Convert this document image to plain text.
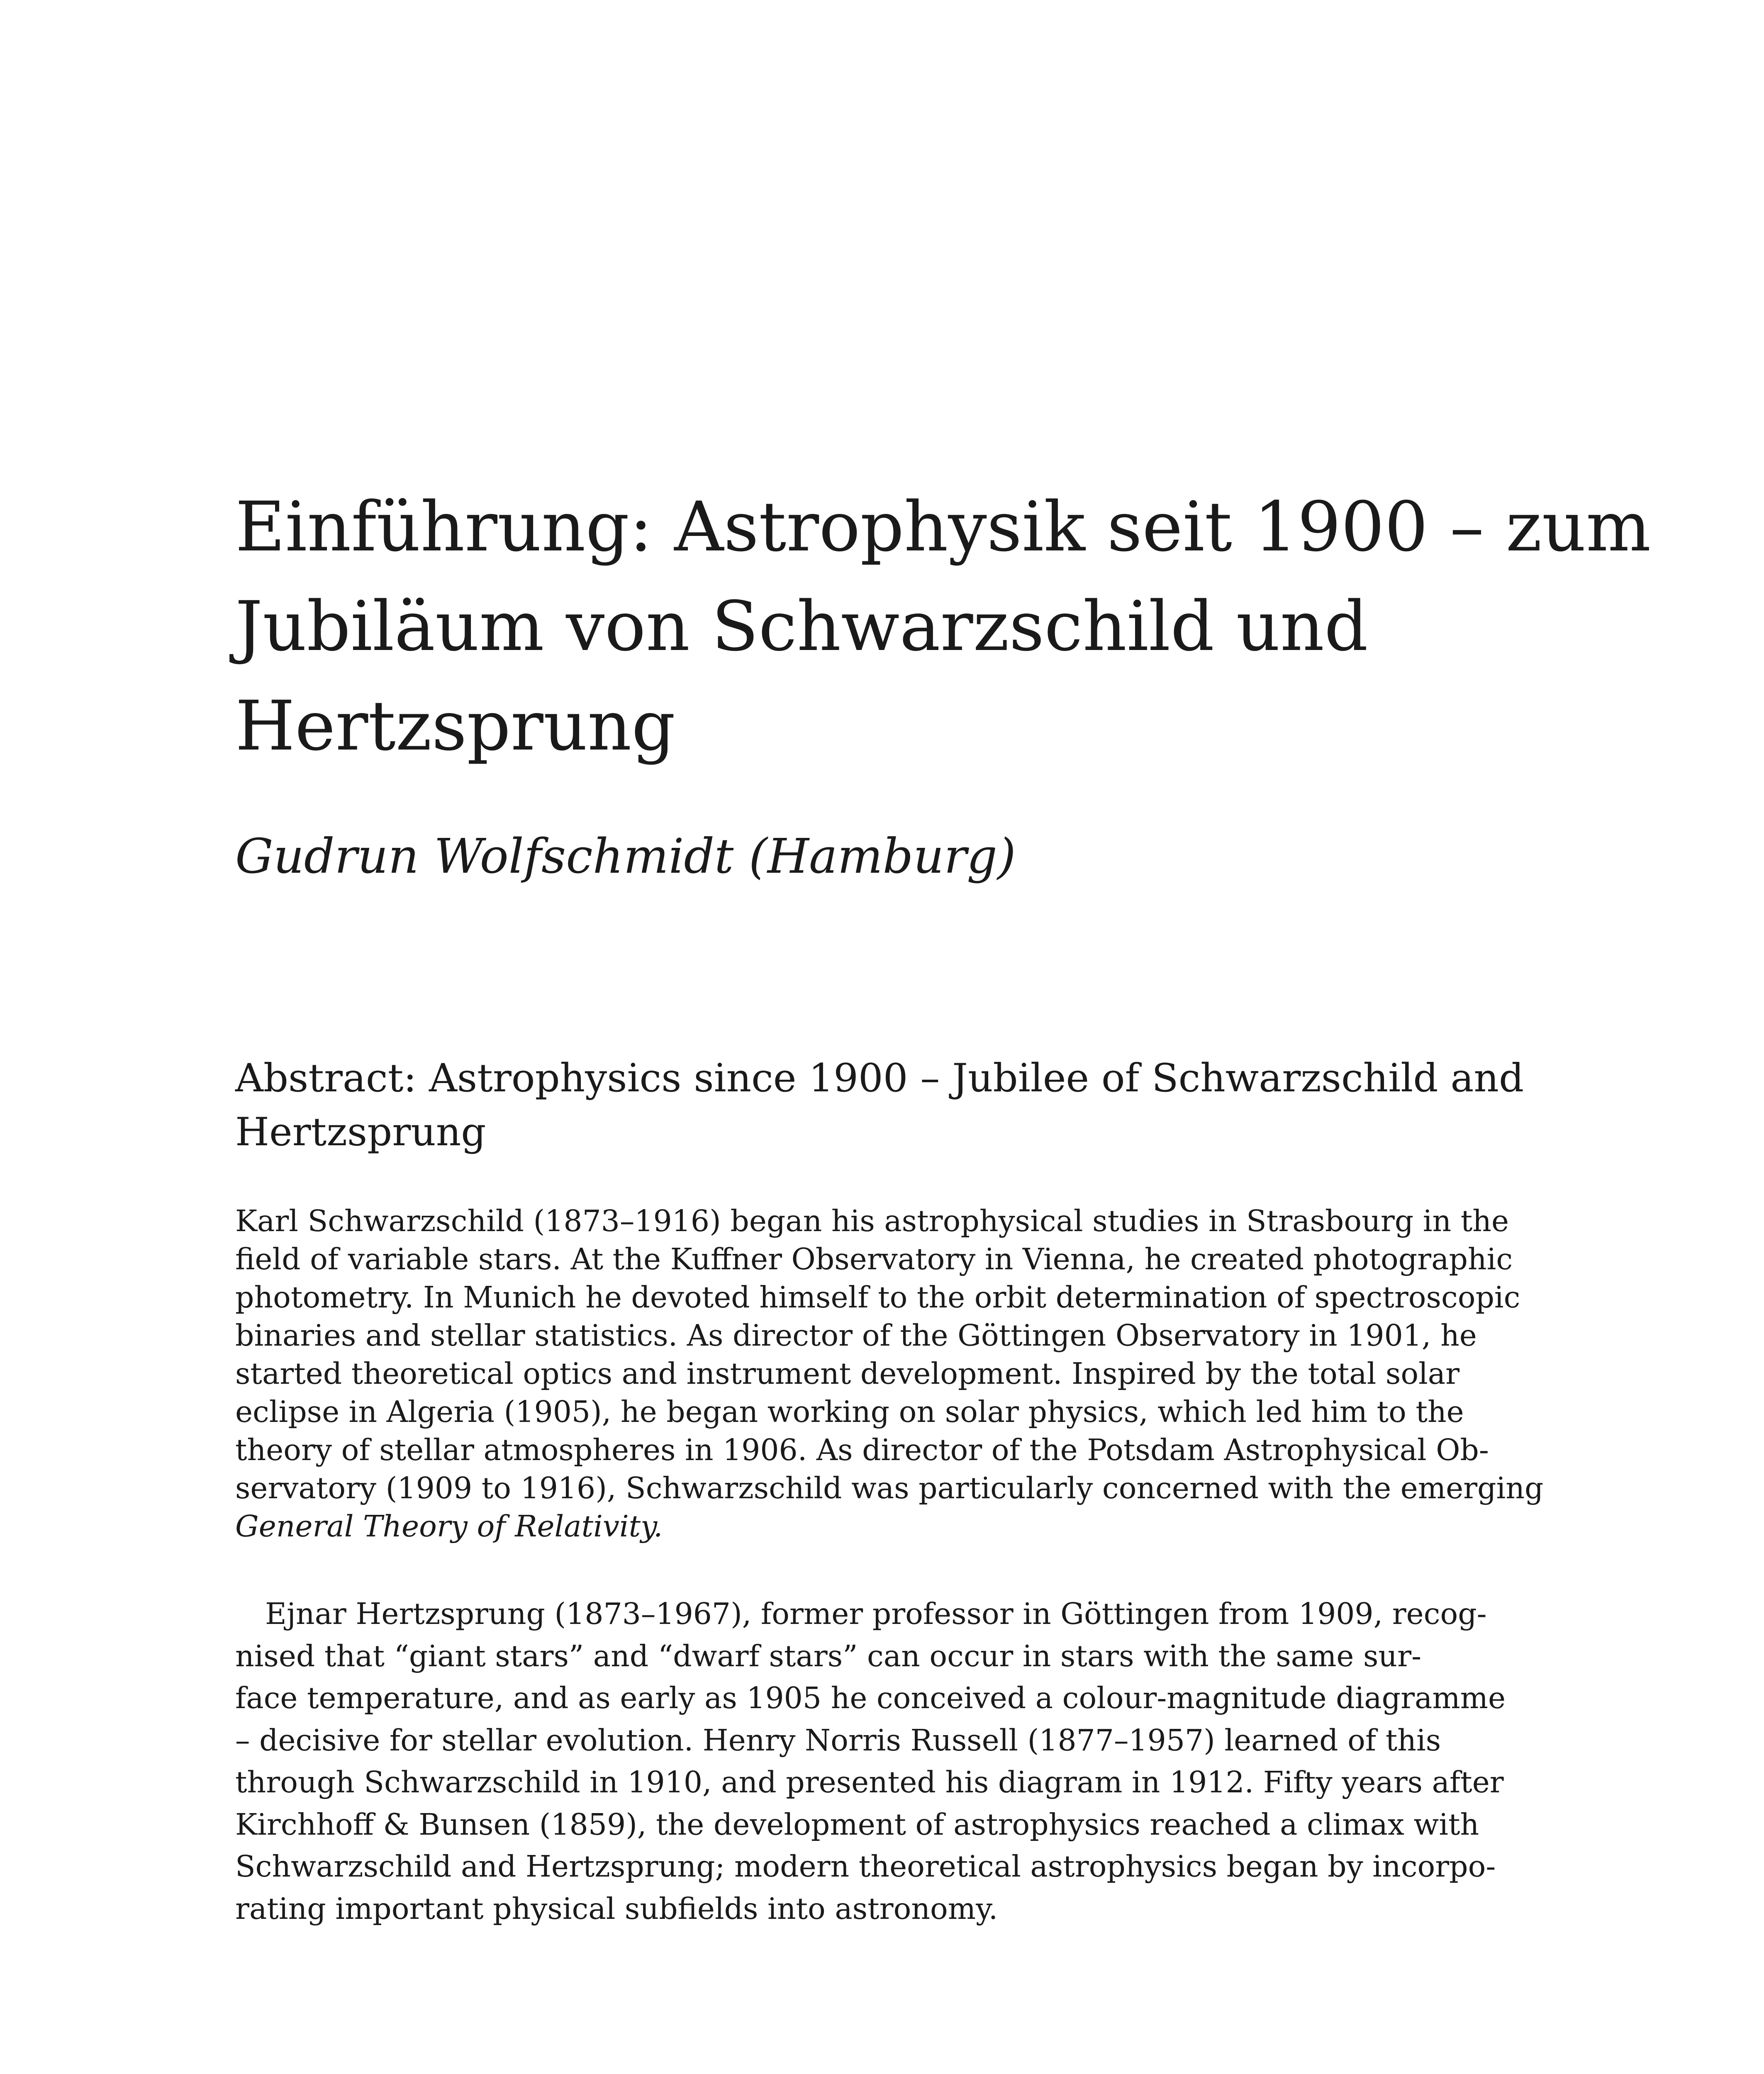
Einführung: Astrophysik seit 1900 – zum
Jubiläum von Schwarzschild und
Hertzsprung

Gudrun Wolfschmidt (Hamburg)

Abstract: Astrophysics since 1900 – Jubilee of Schwarzschild and
Hertzsprung
Karl Schwarzschild (1873–1916) began his astrophysical studies in Strasbourg in the
field of variable stars. At the Kuffner Observatory in Vienna, he created photographic
photometry. In Munich he devoted himself to the orbit determination of spectroscopic
binaries and stellar statistics. As director of the Göttingen Observatory in 1901, he
started theoretical optics and instrument development. Inspired by the total solar
eclipse in Algeria (1905), he began working on solar physics, which led him to the
theory of stellar atmospheres in 1906. As director of the Potsdam Astrophysical Ob-
servatory (1909 to 1916), Schwarzschild was particularly concerned with the emerging
General Theory of Relativity.
Ejnar Hertzsprung (1873–1967), former professor in Göttingen from 1909, recog-
nised that “giant stars” and “dwarf stars” can occur in stars with the same sur-
face temperature, and as early as 1905 he conceived a colour-magnitude diagramme
– decisive for stellar evolution. Henry Norris Russell (1877–1957) learned of this
through Schwarzschild in 1910, and presented his diagram in 1912. Fifty years after
Kirchhoff & Bunsen (1859), the development of astrophysics reached a climax with
Schwarzschild and Hertzsprung; modern theoretical astrophysics began by incorpo-
rating important physical subfields into astronomy.
